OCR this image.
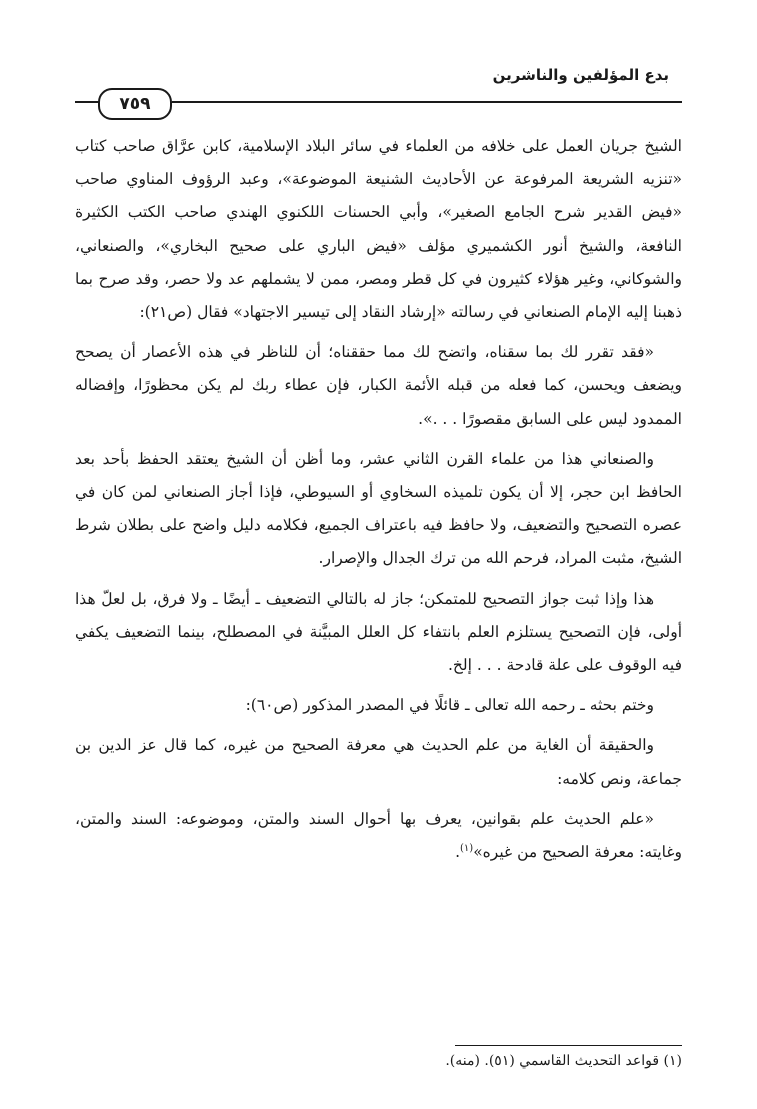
بدع المؤلفين والناشرين
٧٥٩

الشيخ جريان العمل على خلافه من العلماء في سائر البلاد الإسلامية، كابن عرَّاق صاحب كتاب «تنزيه الشريعة المرفوعة عن الأحاديث الشنيعة الموضوعة»، وعبد الرؤوف المناوي صاحب «فيض القدير شرح الجامع الصغير»، وأبي الحسنات اللكنوي الهندي صاحب الكتب الكثيرة النافعة، والشيخ أنور الكشميري مؤلف «فيض الباري على صحيح البخاري»، والصنعاني، والشوكاني، وغير هؤلاء كثيرون في كل قطر ومصر، ممن لا يشملهم عد ولا حصر، وقد صرح بما ذهبنا إليه الإمام الصنعاني في رسالته «إرشاد النقاد إلى تيسير الاجتهاد» فقال (ص٢١):

«فقد تقرر لك بما سقناه، واتضح لك مما حققناه؛ أن للناظر في هذه الأعصار أن يصحح ويضعف ويحسن، كما فعله من قبله الأئمة الكبار، فإن عطاء ربك لم يكن محظورًا، وإفضاله الممدود ليس على السابق مقصورًا . . .».

والصنعاني هذا من علماء القرن الثاني عشر، وما أظن أن الشيخ يعتقد الحفظ بأحد بعد الحافظ ابن حجر، إلا أن يكون تلميذه السخاوي أو السيوطي، فإذا أجاز الصنعاني لمن كان في عصره التصحيح والتضعيف، ولا حافظ فيه باعتراف الجميع، فكلامه دليل واضح على بطلان شرط الشيخ، مثبت المراد، فرحم الله من ترك الجدال والإصرار.

هذا وإذا ثبت جواز التصحيح للمتمكن؛ جاز له بالتالي التضعيف ـ أيضًا ـ ولا فرق، بل لعلّ هذا أولى، فإن التصحيح يستلزم العلم بانتفاء كل العلل المبيَّنة في المصطلح، بينما التضعيف يكفي فيه الوقوف على علة قادحة . . . إلخ.

وختم بحثه ـ رحمه الله تعالى ـ قائلًا في المصدر المذكور (ص٦٠):

والحقيقة أن الغاية من علم الحديث هي معرفة الصحيح من غيره، كما قال عز الدين بن جماعة، ونص كلامه:

«علم الحديث علم بقوانين، يعرف بها أحوال السند والمتن، وموضوعه: السند والمتن، وغايته: معرفة الصحيح من غيره»$^{(١)}$.

(١) قواعد التحديث القاسمي (٥١). (منه).
